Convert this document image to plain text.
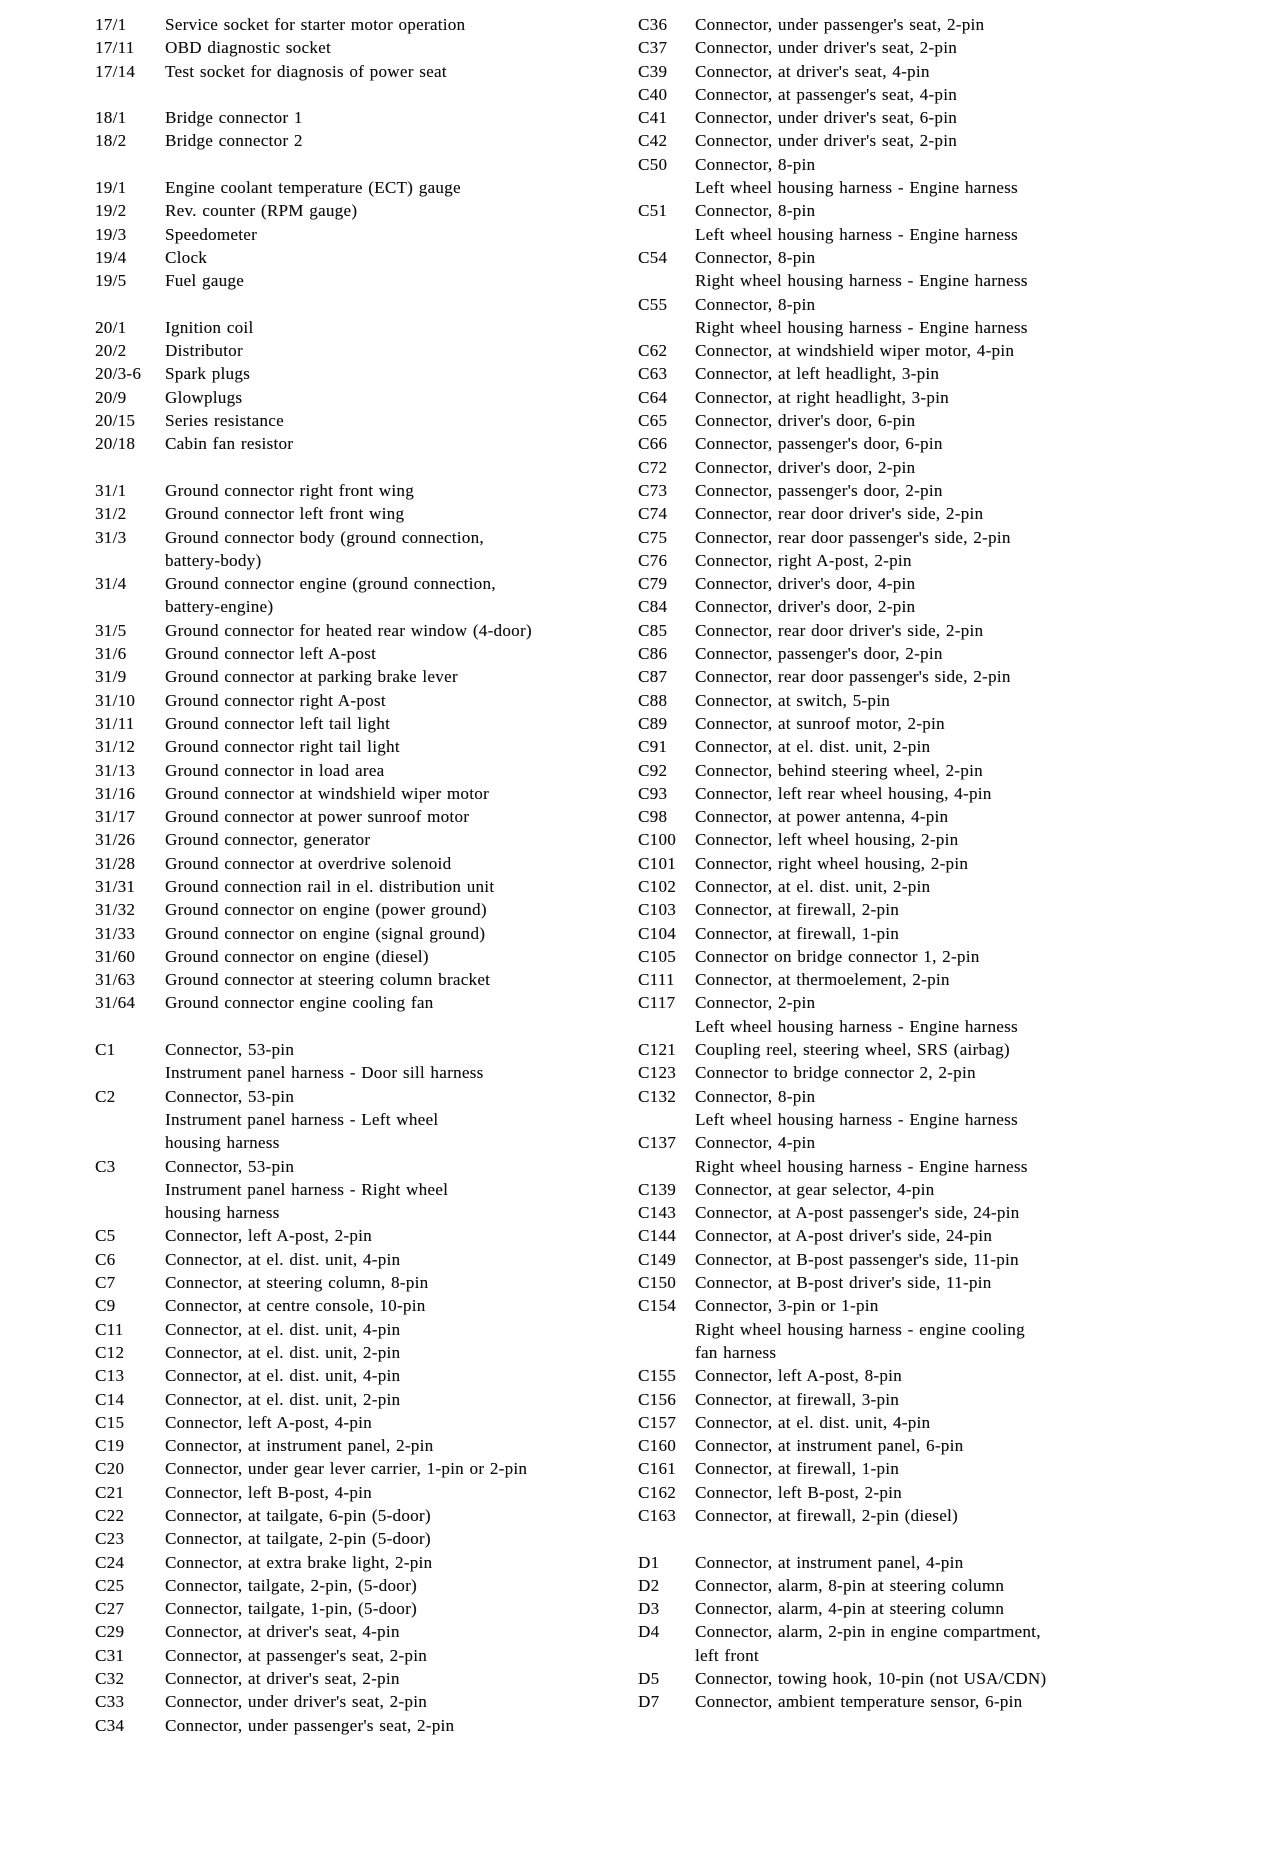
17/1	Service socket for starter motor operation
17/11	OBD diagnostic socket
17/14	Test socket for diagnosis of power seat
18/1	Bridge connector 1
18/2	Bridge connector 2
19/1	Engine coolant temperature (ECT) gauge
19/2	Rev. counter (RPM gauge)
19/3	Speedometer
19/4	Clock
19/5	Fuel gauge
20/1	Ignition coil
20/2	Distributor
20/3-6	Spark plugs
20/9	Glowplugs
20/15	Series resistance
20/18	Cabin fan resistor
31/1	Ground connector right front wing
31/2	Ground connector left front wing
31/3	Ground connector body (ground connection,
battery-body)
31/4	Ground connector engine (ground connection,
battery-engine)
31/5	Ground connector for heated rear window (4-door)
31/6	Ground connector left A-post
31/9	Ground connector at parking brake lever
31/10	Ground connector right A-post
31/11	Ground connector left tail light
31/12	Ground connector right tail light
31/13	Ground connector in load area
31/16	Ground connector at windshield wiper motor
31/17	Ground connector at power sunroof motor
31/26	Ground connector, generator
31/28	Ground connector at overdrive solenoid
31/31	Ground connection rail in el. distribution unit
31/32	Ground connector on engine (power ground)
31/33	Ground connector on engine (signal ground)
31/60	Ground connector on engine (diesel)
31/63	Ground connector at steering column bracket
31/64	Ground connector engine cooling fan
C1	Connector, 53-pin
Instrument panel harness - Door sill harness
C2	Connector, 53-pin
Instrument panel harness - Left wheel
housing harness
C3	Connector, 53-pin
Instrument panel harness - Right wheel
housing harness
C5	Connector, left A-post, 2-pin
C6	Connector, at el. dist. unit, 4-pin
C7	Connector, at steering column, 8-pin
C9	Connector, at centre console, 10-pin
C11	Connector, at el. dist. unit, 4-pin
C12	Connector, at el. dist. unit, 2-pin
C13	Connector, at el. dist. unit, 4-pin
C14	Connector, at el. dist. unit, 2-pin
C15	Connector, left A-post, 4-pin
C19	Connector, at instrument panel, 2-pin
C20	Connector, under gear lever carrier, 1-pin or 2-pin
C21	Connector, left B-post, 4-pin
C22	Connector, at tailgate, 6-pin (5-door)
C23	Connector, at tailgate, 2-pin (5-door)
C24	Connector, at extra brake light, 2-pin
C25	Connector, tailgate, 2-pin, (5-door)
C27	Connector, tailgate, 1-pin, (5-door)
C29	Connector, at driver's seat, 4-pin
C31	Connector, at passenger's seat, 2-pin
C32	Connector, at driver's seat, 2-pin
C33	Connector, under driver's seat, 2-pin
C34	Connector, under passenger's seat, 2-pin
C36	Connector, under passenger's seat, 2-pin
C37	Connector, under driver's seat, 2-pin
C39	Connector, at driver's seat, 4-pin
C40	Connector, at passenger's seat, 4-pin
C41	Connector, under driver's seat, 6-pin
C42	Connector, under driver's seat, 2-pin
C50	Connector, 8-pin
Left wheel housing harness - Engine harness
C51	Connector, 8-pin
Left wheel housing harness - Engine harness
C54	Connector, 8-pin
Right wheel housing harness - Engine harness
C55	Connector, 8-pin
Right wheel housing harness - Engine harness
C62	Connector, at windshield wiper motor, 4-pin
C63	Connector, at left headlight, 3-pin
C64	Connector, at right headlight, 3-pin
C65	Connector, driver's door, 6-pin
C66	Connector, passenger's door, 6-pin
C72	Connector, driver's door, 2-pin
C73	Connector, passenger's door, 2-pin
C74	Connector, rear door driver's side, 2-pin
C75	Connector, rear door passenger's side, 2-pin
C76	Connector, right A-post, 2-pin
C79	Connector, driver's door, 4-pin
C84	Connector, driver's door, 2-pin
C85	Connector, rear door driver's side, 2-pin
C86	Connector, passenger's door, 2-pin
C87	Connector, rear door passenger's side, 2-pin
C88	Connector, at switch, 5-pin
C89	Connector, at sunroof motor, 2-pin
C91	Connector, at el. dist. unit, 2-pin
C92	Connector, behind steering wheel, 2-pin
C93	Connector, left rear wheel housing, 4-pin
C98	Connector, at power antenna, 4-pin
C100	Connector, left wheel housing, 2-pin
C101	Connector, right wheel housing, 2-pin
C102	Connector, at el. dist. unit, 2-pin
C103	Connector, at firewall, 2-pin
C104	Connector, at firewall, 1-pin
C105	Connector on bridge connector 1, 2-pin
C111	Connector, at thermoelement, 2-pin
C117	Connector, 2-pin
Left wheel housing harness - Engine harness
C121	Coupling reel, steering wheel, SRS (airbag)
C123	Connector to bridge connector 2, 2-pin
C132	Connector, 8-pin
Left wheel housing harness - Engine harness
C137	Connector, 4-pin
Right wheel housing harness - Engine harness
C139	Connector, at gear selector, 4-pin
C143	Connector, at A-post passenger's side, 24-pin
C144	Connector, at A-post driver's side, 24-pin
C149	Connector, at B-post passenger's side, 11-pin
C150	Connector, at B-post driver's side, 11-pin
C154	Connector, 3-pin or 1-pin
Right wheel housing harness - engine cooling
fan harness
C155	Connector, left A-post, 8-pin
C156	Connector, at firewall, 3-pin
C157	Connector, at el. dist. unit, 4-pin
C160	Connector, at instrument panel, 6-pin
C161	Connector, at firewall, 1-pin
C162	Connector, left B-post, 2-pin
C163	Connector, at firewall, 2-pin (diesel)
D1	Connector, at instrument panel, 4-pin
D2	Connector, alarm, 8-pin at steering column
D3	Connector, alarm, 4-pin at steering column
D4	Connector, alarm, 2-pin in engine compartment,
left front
D5	Connector, towing hook, 10-pin (not USA/CDN)
D7	Connector, ambient temperature sensor, 6-pin
